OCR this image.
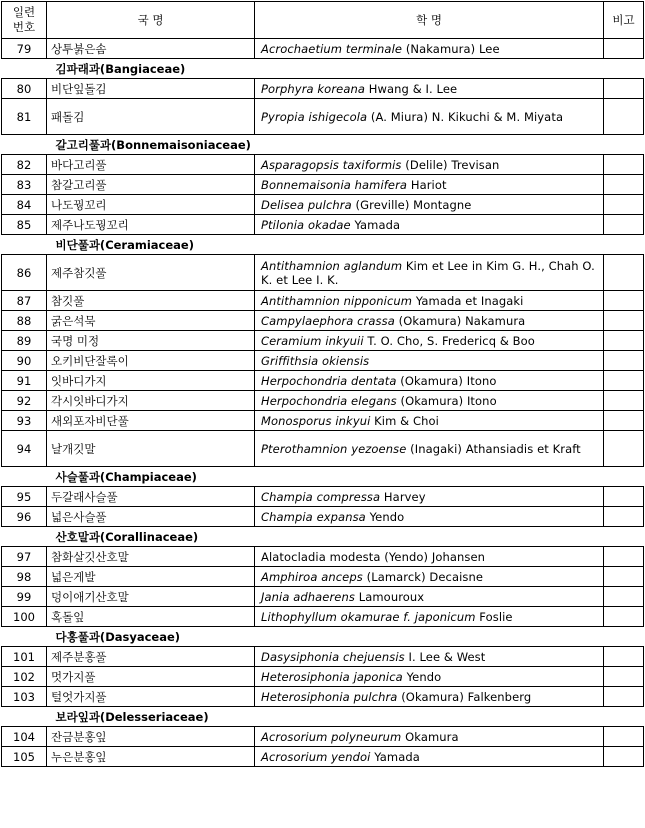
일련
번호	국 명	학 명	비고
79	상투붉은솜	Acrochaetium terminale (Nakamura) Lee	
김파래과(Bangiaceae)			
80	비단잎돌김	Porphyra koreana Hwang & I. Lee	
81	패돌김	Pyropia ishigecola (A. Miura) N. Kikuchi & M. Miyata	
갈고리풀과(Bonnemaisoniaceae)			
82	바다고리풀	Asparagopsis taxiformis (Delile) Trevisan	
83	참갈고리풀	Bonnemaisonia hamifera Hariot	
84	나도꿩꼬리	Delisea pulchra (Greville) Montagne	
85	제주나도꿩꼬리	Ptilonia okadae Yamada	
비단풀과(Ceramiaceae)			
86	제주참깃풀	Antithamnion aglandum Kim et Lee in Kim G. H., Chah O. K. et Lee I. K.	
87	참깃풀	Antithamnion nipponicum Yamada et Inagaki	
88	굵은석묵	Campylaephora crassa (Okamura) Nakamura	
89	국명 미정	Ceramium inkyuii T. O. Cho, S. Fredericq & Boo	
90	오키비단잘록이	Griffithsia okiensis	
91	잇바디가지	Herpochondria dentata (Okamura) Itono	
92	각시잇바디가지	Herpochondria elegans (Okamura) Itono	
93	새외포자비단풀	Monosporus inkyui Kim & Choi	
94	날개깃말	Pterothamnion yezoense (Inagaki) Athansiadis et Kraft	
사슬풀과(Champiaceae)			
95	두갈래사슬풀	Champia compressa Harvey	
96	넓은사슬풀	Champia expansa Yendo	
산호말과(Corallinaceae)			
97	참화살깃산호말	Alatocladia modesta (Yendo) Johansen	
98	넓은게발	Amphiroa anceps (Lamarck) Decaisne	
99	덩이애기산호말	Jania adhaerens Lamouroux	
100	혹돌잎	Lithophyllum okamurae f. japonicum Foslie	
다홍풀과(Dasyaceae)			
101	제주분홍풀	Dasysiphonia chejuensis I. Lee & West	
102	멋가지풀	Heterosiphonia japonica Yendo	
103	털엇가지풀	Heterosiphonia pulchra (Okamura) Falkenberg	
보라잎과(Delesseriaceae)			
104	잔금분홍잎	Acrosorium polyneurum Okamura	
105	누은분홍잎	Acrosorium yendoi Yamada	
